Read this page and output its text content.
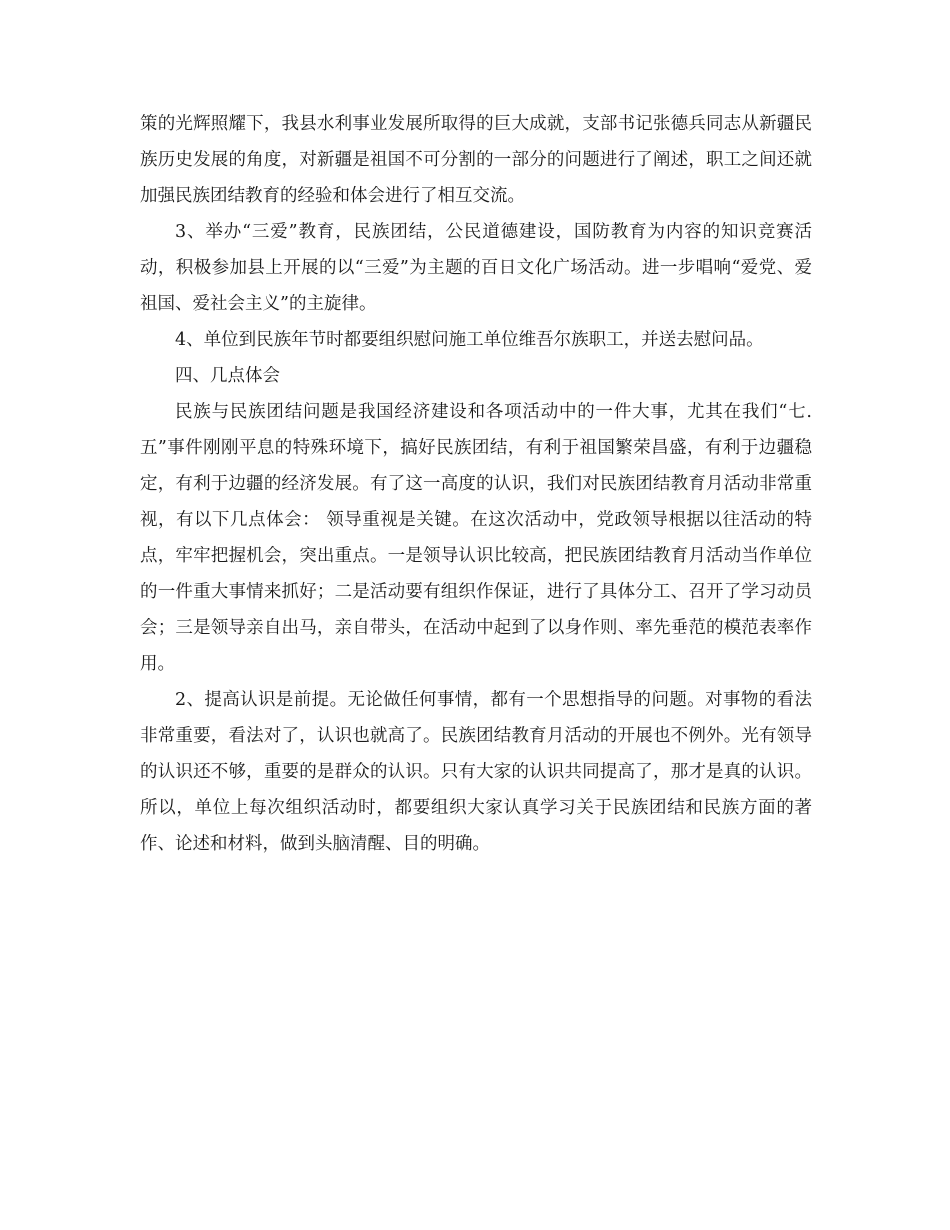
策的光辉照耀下，我县水利事业发展所取得的巨大成就，支部书记张德兵同志从新疆民族历史发展的角度，对新疆是祖国不可分割的一部分的问题进行了阐述，职工之间还就加强民族团结教育的经验和体会进行了相互交流。

3、举办“三爱”教育，民族团结，公民道德建设，国防教育为内容的知识竞赛活动，积极参加县上开展的以“三爱”为主题的百日文化广场活动。进一步唱响“爱党、爱祖国、爱社会主义”的主旋律。

4、单位到民族年节时都要组织慰问施工单位维吾尔族职工，并送去慰问品。

四、几点体会

民族与民族团结问题是我国经济建设和各项活动中的一件大事，尤其在我们“七.五”事件刚刚平息的特殊环境下，搞好民族团结，有利于祖国繁荣昌盛，有利于边疆稳定，有利于边疆的经济发展。有了这一高度的认识，我们对民族团结教育月活动非常重视，有以下几点体会： 领导重视是关键。在这次活动中，党政领导根据以往活动的特点，牢牢把握机会，突出重点。一是领导认识比较高，把民族团结教育月活动当作单位的一件重大事情来抓好；二是活动要有组织作保证，进行了具体分工、召开了学习动员会；三是领导亲自出马，亲自带头，在活动中起到了以身作则、率先垂范的模范表率作用。

2、提高认识是前提。无论做任何事情，都有一个思想指导的问题。对事物的看法非常重要，看法对了，认识也就高了。民族团结教育月活动的开展也不例外。光有领导的认识还不够，重要的是群众的认识。只有大家的认识共同提高了，那才是真的认识。所以，单位上每次组织活动时，都要组织大家认真学习关于民族团结和民族方面的著作、论述和材料，做到头脑清醒、目的明确。
